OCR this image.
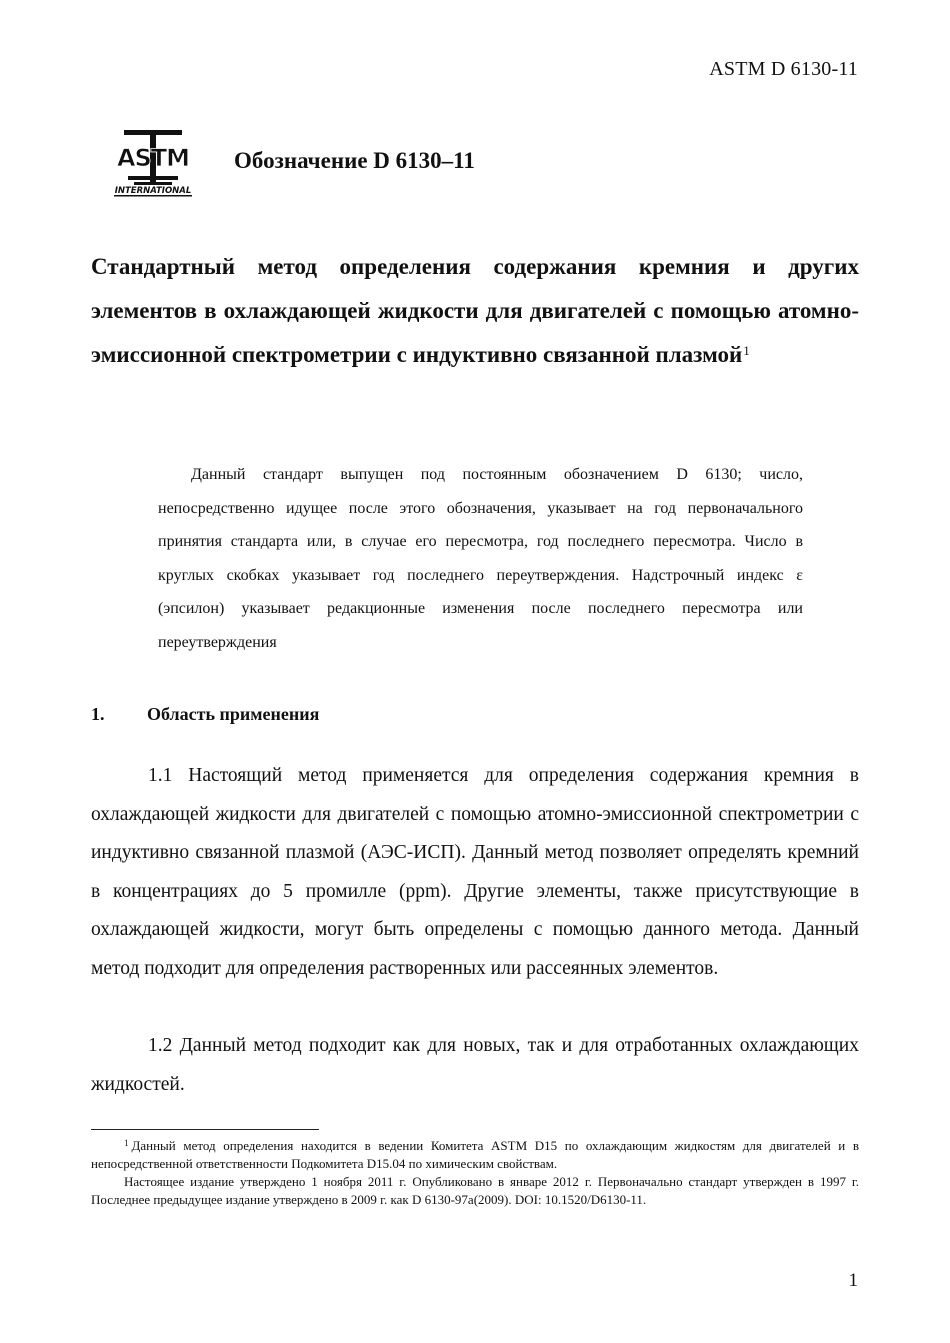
ASTM D 6130-11
ASTM
INTERNATIONAL
Обозначение D 6130–11
Стандартный метод определения содержания кремния и других элементов в охлаждающей жидкости для двигателей с помощью атомно-эмиссионной спектрометрии с индуктивно связанной плазмой$^1$
Данный стандарт выпущен под постоянным обозначением D 6130; число, непосредственно идущее после этого обозначения, указывает на год первоначального принятия стандарта или, в случае его пересмотра, год последнего пересмотра. Число в круглых скобках указывает год последнего переутверждения. Надстрочный индекс ε (эпсилон) указывает редакционные изменения после последнего пересмотра или переутверждения
1. Область применения
1.1 Настоящий метод применяется для определения содержания кремния в охлаждающей жидкости для двигателей с помощью атомно-эмиссионной спектрометрии с индуктивно связанной плазмой (АЭС-ИСП). Данный метод позволяет определять кремний в концентрациях до 5 промилле (ppm). Другие элементы, также присутствующие в охлаждающей жидкости, могут быть определены с помощью данного метода. Данный метод подходит для определения растворенных или рассеянных элементов.
1.2 Данный метод подходит как для новых, так и для отработанных охлаждающих жидкостей.
$^1$ Данный метод определения находится в ведении Комитета ASTM D15 по охлаждающим жидкостям для двигателей и в непосредственной ответственности Подкомитета D15.04 по химическим свойствам.
Настоящее издание утверждено 1 ноября 2011 г. Опубликовано в январе 2012 г. Первоначально стандарт утвержден в 1997 г. Последнее предыдущее издание утверждено в 2009 г. как D 6130-97a(2009). DOI: 10.1520/D6130-11.
1
